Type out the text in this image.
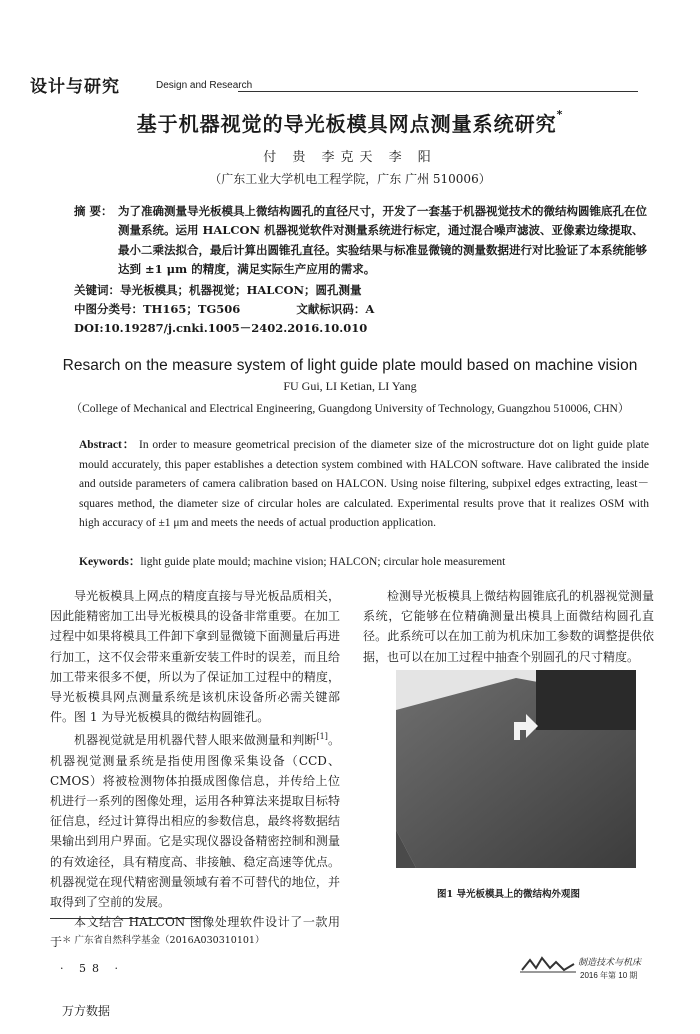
设计与研究	Design and Research
基于机器视觉的导光板模具网点测量系统研究*
付 贵 李克天 李 阳
（广东工业大学机电工程学院，广东 广州 510006）
摘 要： 为了准确测量导光板模具上微结构圆孔的直径尺寸，开发了一套基于机器视觉技术的微结构圆锥底孔在位测量系统。运用 HALCON 机器视觉软件对测量系统进行标定，通过混合噪声滤波、亚像素边缘提取、最小二乘法拟合，最后计算出圆锥孔直径。实验结果与标准显微镜的测量数据进行对比验证了本系统能够达到 ±1 μm 的精度，满足实际生产应用的需求。
关键词：导光板模具；机器视觉；HALCON；圆孔测量
中图分类号：TH165；TG506	文献标识码：A
DOI:10.19287/j.cnki.1005－2402.2016.10.010
Resarch on the measure system of light guide plate mould based on machine vision
FU Gui, LI Ketian, LI Yang
（College of Mechanical and Electrical Engineering, Guangdong University of Technology, Guangzhou 510006, CHN）
Abstract： In order to measure geometrical precision of the diameter size of the microstructure dot on light guide plate mould accurately, this paper establishes a detection system combined with HALCON software. Have calibrated the inside and outside parameters of camera calibration based on HALCON. Using noise filtering, subpixel edges extracting, least－squares method, the diameter size of circular holes are calculated. Experimental results prove that it realizes OSM with high accuracy of ±1 μm and meets the needs of actual production application.
Keywords：light guide plate mould; machine vision; HALCON; circular hole measurement

导光板模具上网点的精度直接与导光板品质相关，因此能精密加工出导光板模具的设备非常重要。在加工过程中如果将模具工件卸下拿到显微镜下面测量后再进行加工，这不仅会带来重新安装工件时的误差，而且给加工带来很多不便，所以为了保证加工过程中的精度，导光板模具网点测量系统是该机床设备所必需关键部件。图 1 为导光板模具的微结构圆锥孔。

机器视觉就是用机器代替人眼来做测量和判断[1]。机器视觉测量系统是指使用图像采集设备（CCD、CMOS）将被检测物体拍摄成图像信息，并传给上位机进行一系列的图像处理，运用各种算法来提取目标特征信息，经过计算得出相应的参数信息，最终将数据结果输出到用户界面。它是实现仪器设备精密控制和测量的有效途径，具有精度高、非接触、稳定高速等优点。机器视觉在现代精密测量领域有着不可替代的地位，并取得到了空前的发展。

本文结合 HALCON 图像处理软件设计了一款用于

检测导光板模具上微结构圆锥底孔的机器视觉测量系统，它能够在位精确测量出模具上面微结构圆孔直径。此系统可以在加工前为机床加工参数的调整提供依据，也可以在加工过程中抽查个别圆孔的尺寸精度。

图1 导光板模具上的微结构外观图
＊ 广东省自然科学基金（2016A030310101）
· 58 ·	制造技术与机床
2016 年第 10 期
万方数据
